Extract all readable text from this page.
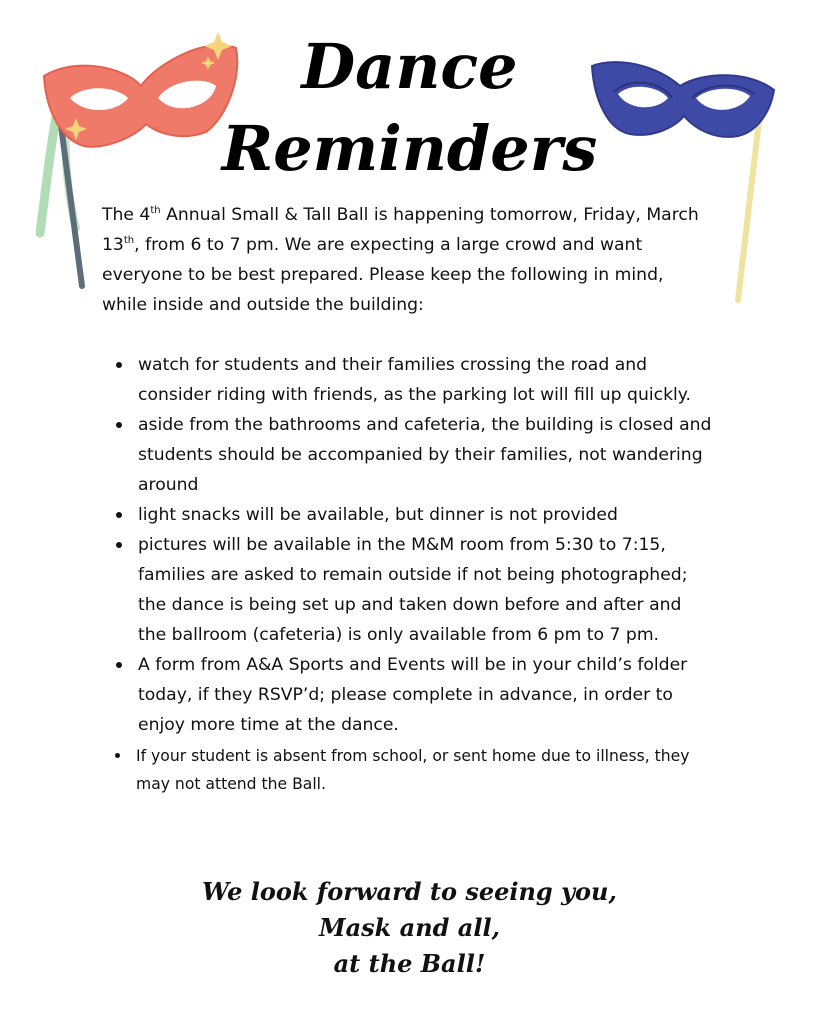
Dance
Reminders

The 4th Annual Small & Tall Ball is happening tomorrow, Friday, March 13th, from 6 to 7 pm. We are expecting a large crowd and want everyone to be best prepared. Please keep the following in mind, while inside and outside the building:

watch for students and their families crossing the road and consider riding with friends, as the parking lot will fill up quickly.
aside from the bathrooms and cafeteria, the building is closed and students should be accompanied by their families, not wandering around
light snacks will be available, but dinner is not provided
pictures will be available in the M&M room from 5:30 to 7:15, families are asked to remain outside if not being photographed; the dance is being set up and taken down before and after and the ballroom (cafeteria) is only available from 6 pm to 7 pm.
A form from A&A Sports and Events will be in your child’s folder today, if they RSVP’d; please complete in advance, in order to enjoy more time at the dance.
If your student is absent from school, or sent home due to illness, they may not attend the Ball.

We look forward to seeing you,

Mask and all,

at the Ball!
